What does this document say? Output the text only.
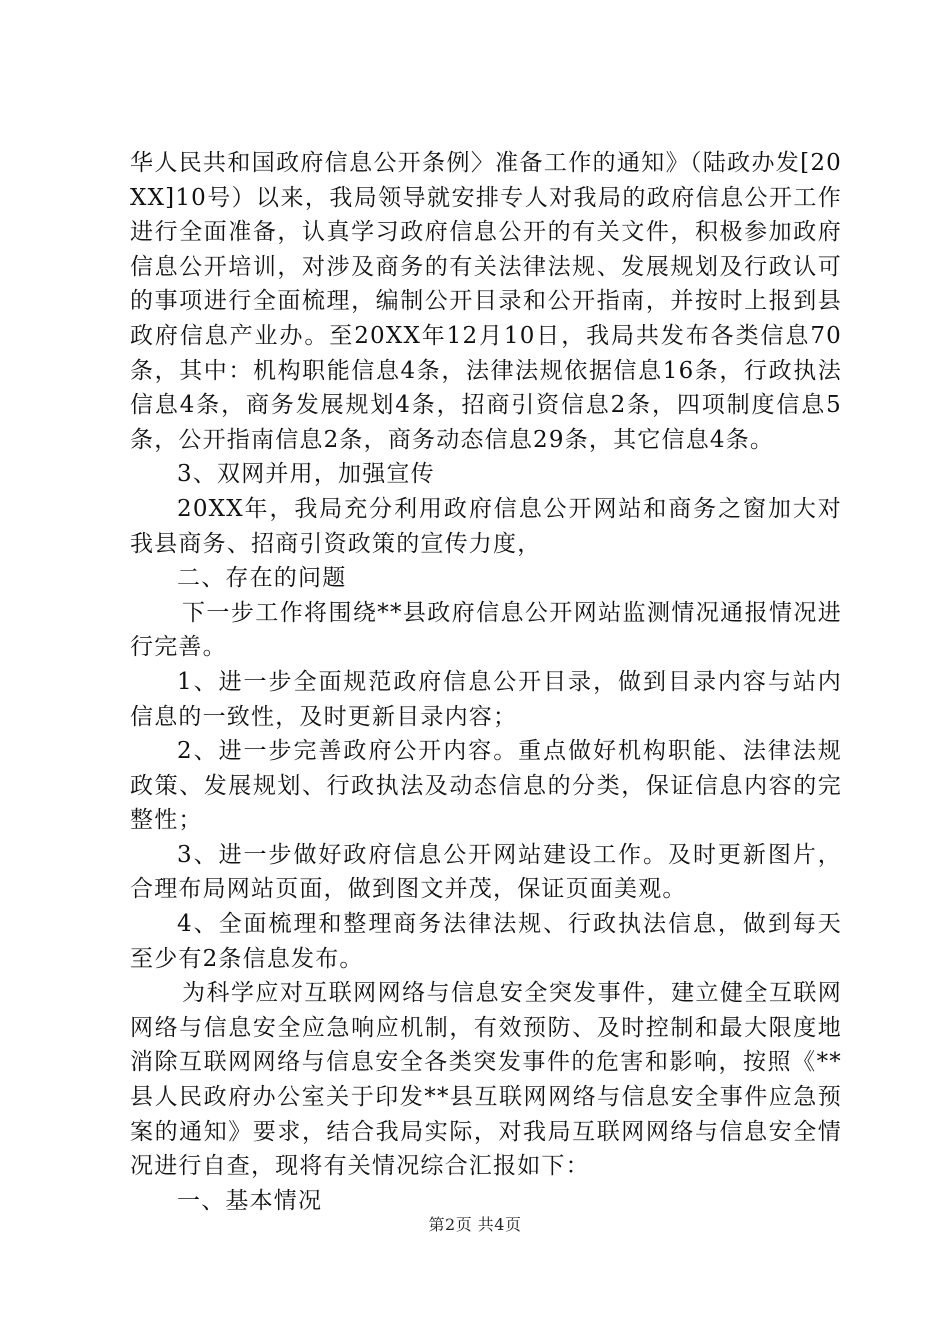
华人民共和国政府信息公开条例〉准备工作的通知》（陆政办发[20XX]10号）以来，我局领导就安排专人对我局的政府信息公开工作进行全面准备，认真学习政府信息公开的有关文件，积极参加政府信息公开培训，对涉及商务的有关法律法规、发展规划及行政认可的事项进行全面梳理，编制公开目录和公开指南，并按时上报到县政府信息产业办。至20XX年12月10日，我局共发布各类信息70条，其中：机构职能信息4条，法律法规依据信息16条，行政执法信息4条，商务发展规划4条，招商引资信息2条，四项制度信息5条，公开指南信息2条，商务动态信息29条，其它信息4条。

3、双网并用，加强宣传

20XX年，我局充分利用政府信息公开网站和商务之窗加大对我县商务、招商引资政策的宣传力度，

二、存在的问题

下一步工作将围绕**县政府信息公开网站监测情况通报情况进行完善。

1、进一步全面规范政府信息公开目录，做到目录内容与站内信息的一致性，及时更新目录内容；

2、进一步完善政府公开内容。重点做好机构职能、法律法规政策、发展规划、行政执法及动态信息的分类，保证信息内容的完整性；

3、进一步做好政府信息公开网站建设工作。及时更新图片，合理布局网站页面，做到图文并茂，保证页面美观。

4、全面梳理和整理商务法律法规、行政执法信息，做到每天至少有2条信息发布。

为科学应对互联网网络与信息安全突发事件，建立健全互联网网络与信息安全应急响应机制，有效预防、及时控制和最大限度地消除互联网网络与信息安全各类突发事件的危害和影响，按照《**县人民政府办公室关于印发**县互联网网络与信息安全事件应急预案的通知》要求，结合我局实际，对我局互联网网络与信息安全情况进行自查，现将有关情况综合汇报如下：

一、基本情况

第2页 共4页
